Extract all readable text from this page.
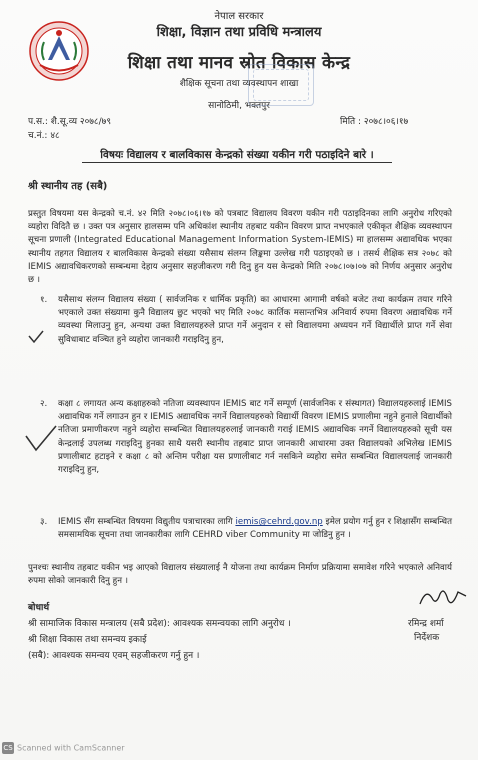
नेपाल सरकार
शिक्षा, विज्ञान तथा प्रविधि मन्त्रालय
शिक्षा तथा मानव स्रोत विकास केन्द्र
शैक्षिक सूचना तथा व्यवस्थापन शाखा
सानोठिमी, भक्तपुर
प.स.: शै.सू.व्य २०७८/७९
च.नं.: ४८
मिति : २०७८।०६।१७
विषयः विद्यालय र बालविकास केन्द्रको संख्या यकीन गरी पठाइदिने बारे ।
श्री स्थानीय तह (सबै)
प्रस्तुत विषयमा यस केन्द्रको च.नं. ४२ मिति २०७८।०६।१७ को पत्रबाट विद्यालय विवरण यकीन गरी पठाइदिनका लागि अनुरोध गरिएको व्यहोरा विदितै छ । उक्त पत्र अनुसार हालसम्म पनि अधिकांश स्थानीय तहबाट यकीन विवरण प्राप्त नभएकाले एकीकृत शैक्षिक व्यवस्थापन सूचना प्रणाली (Integrated Educational Management Information System-IEMIS) मा हालसम्म अद्यावधिक भएका स्थानीय तहगत विद्यालय र बालविकास केन्द्रको संख्या यसैसाथ संलग्न लिङ्कमा उल्लेख गरी पठाइएको छ । तसर्थ शैक्षिक सत्र २०७८ को IEMIS अद्यावधिकरणको सम्बन्धमा देहाय अनुसार सहजीकरण गरी दिनु हुन यस केन्द्रको मिति २०७८।०७।०७ को निर्णय अनुसार अनुरोध छ ।
१. यसैसाथ संलग्न विद्यालय संख्या ( सार्वजनिक र धार्मिक प्रकृति) का आधारमा आगामी वर्षको बजेट तथा कार्यक्रम तयार गरिने भएकाले उक्त संख्यामा कुनै विद्यालय छुट भएको भए मिति २०७८ कार्तिक मसान्तभित्र अनिवार्य रुपमा विवरण अद्यावधिक गर्ने व्यवस्था मिलाउनु हुन, अन्यथा उक्त विद्यालयहरुले प्राप्त गर्ने अनुदान र सो विद्यालयमा अध्ययन गर्ने विद्यार्थीले प्राप्त गर्ने सेवा सुविधाबाट वञ्चित हुने व्यहोरा जानकारी गराइदिनु हुन,
२. कक्षा ८ लगायत अन्य कक्षाहरुको नतिजा व्यवस्थापन IEMIS बाट गर्ने सम्पूर्ण (सार्वजनिक र संस्थागत) विद्यालयहरुलाई IEMIS अद्यावधिक गर्ने लगाउन हुन र IEMIS अद्यावधिक नगर्ने विद्यालयहरुको विद्यार्थी विवरण IEMIS प्रणालीमा नहुने हुनाले विद्यार्थीको नतिजा प्रमाणीकरण नहुने व्यहोरा सम्बन्धित विद्यालयहरुलाई जानकारी गराई IEMIS अद्यावधिक नगर्ने विद्यालयहरुको सूची यस केन्द्रलाई उपलब्ध गराइदिनु हुनका साथै यसरी स्थानीय तहबाट प्राप्त जानकारी आधारमा उक्त विद्यालयको अभिलेख IEMIS प्रणालीबाट हटाइने र कक्षा ८ को अन्तिम परीक्षा यस प्रणालीबाट गर्न नसकिने व्यहोरा समेत सम्बन्धित विद्यालयलाई जानकारी गराइदिनु हुन,
३. IEMIS सँग सम्बन्धित विषयमा विद्युतीय पत्राचारका लागि iemis@cehrd.gov.np इमेल प्रयोग गर्नु हुन र शिक्षासँग सम्बन्धित समसामयिक सूचना तथा जानकारीका लागि CEHRD viber Community मा जोडिनु हुन ।
पुनश्चः स्थानीय तहबाट यकीन भइ आएको विद्यालय संख्यालाई नै योजना तथा कार्यक्रम निर्माण प्रक्रियामा समावेश गरिने भएकाले अनिवार्य रुपमा सोको जानकारी दिनु हुन ।
रमिन्द्र शर्मा
निर्देशक
बोधार्थ
श्री सामाजिक विकास मन्त्रालय (सबै प्रदेश): आवश्यक समन्वयका लागि अनुरोध ।
श्री शिक्षा विकास तथा समन्वय इकाई
(सबै): आवश्यक समन्वय एवम् सहजीकरण गर्नु हुन ।
CS Scanned with CamScanner
